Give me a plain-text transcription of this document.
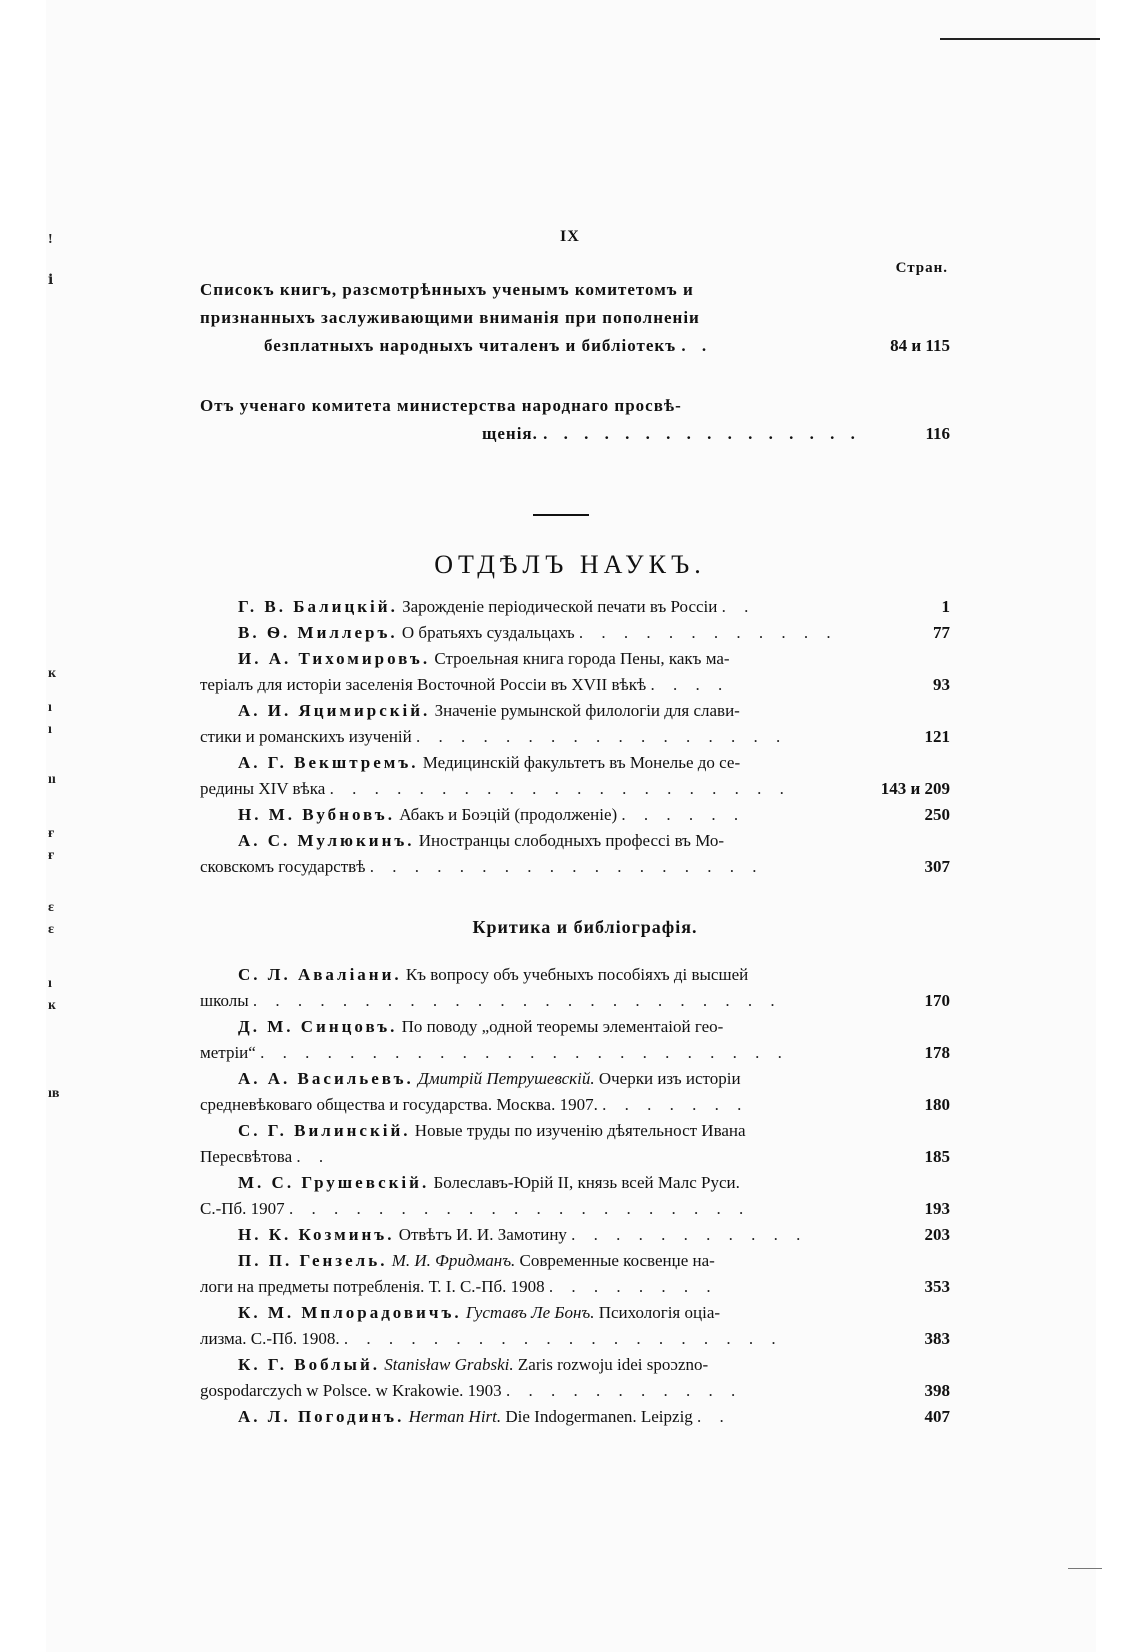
IX
Стран.
Списокъ книгъ, разсмотрѣнныхъ ученымъ комитетомъ и
признанныхъ заслуживающими вниманія при пополненіи
безплатныхъ народныхъ читаленъ и библіотекъ . .	84 и 115
Отъ ученаго комитета министерства народнаго просвѣ-
щенія. . . . . . . . . . . . . . . . .	116
ОТДѢЛЪ НАУКЪ.
Г. В. Балицкій. Зарожденіе періодической печати въ Россіи . .	1
В. Ѳ. Миллеръ. О братьяхъ суздальцахъ . . . . . . . . . . . .	77
И. А. Тихомировъ. Строельная книга города Пены, какъ ма-
теріалъ для исторіи заселенія Восточной Россіи въ XVII вѣкѣ . . . .	93
А. И. Яцимирскій. Значеніе румынской филологіи для слави-
стики и романскихъ изученій . . . . . . . . . . . . . . . . .	121
А. Г. Векштремъ. Медицинскій факультетъ въ Монелье до се-
редины XIV вѣка . . . . . . . . . . . . . . . . . . . . .	143 и 209
Н. М. Вубновъ. Абакъ и Боэцій (продолженіе) . . . . . .	250
А. С. Мулюкинъ. Иностранцы слободныхъ профессі въ Мо-
сковскомъ государствѣ . . . . . . . . . . . . . . . . . .	307
Критика и библіографія.
С. Л. Аваліани. Къ вопросу объ учебныхъ пособіяхъ ді высшей
школы . . . . . . . . . . . . . . . . . . . . . . . .	170
Д. М. Синцовъ. По поводу „одной теоремы элементаіой гео-
метріи“ . . . . . . . . . . . . . . . . . . . . . . . .	178
А. А. Васильевъ. Дмитрій Петрушевскій. Очерки изъ исторіи
средневѣковаго общества и государства. Москва. 1907. . . . . . . .	180
С. Г. Вилинскій. Новые труды по изученію дѣятельност Ивана
Пересвѣтова . .	185
М. С. Грушевскій. Болеславъ-Юрій II, князь всей Малс Руси.
С.-Пб. 1907 . . . . . . . . . . . . . . . . . . . . .	193
Н. К. Козминъ. Отвѣтъ И. И. Замотину . . . . . . . . . . .	203
П. П. Гензель. М. И. Фридманъ. Современные косвенџе на-
логи на предметы потребленія. Т. I. С.-Пб. 1908 . . . . . . . .	353
К. М. Мплорадовичъ. Густавъ Ле Бонъ. Психологія оціа-
лизма. С.-Пб. 1908. . . . . . . . . . . . . . . . . . . . .	383
К. Г. Воблый. Stanisław Grabski. Zaris rozwoju idei spoɔzno-
gospodarczych w Polsce. w Krakowie. 1903 . . . . . . . . . . .	398
А. Л. Погодинъ. Herman Hirt. Die Indogermanen. Leipzig . .	407
!
ⅰ
к
ı
ı
ıı
ғ
ғ
ε
ɛ
ı
ĸ
ıʙ
